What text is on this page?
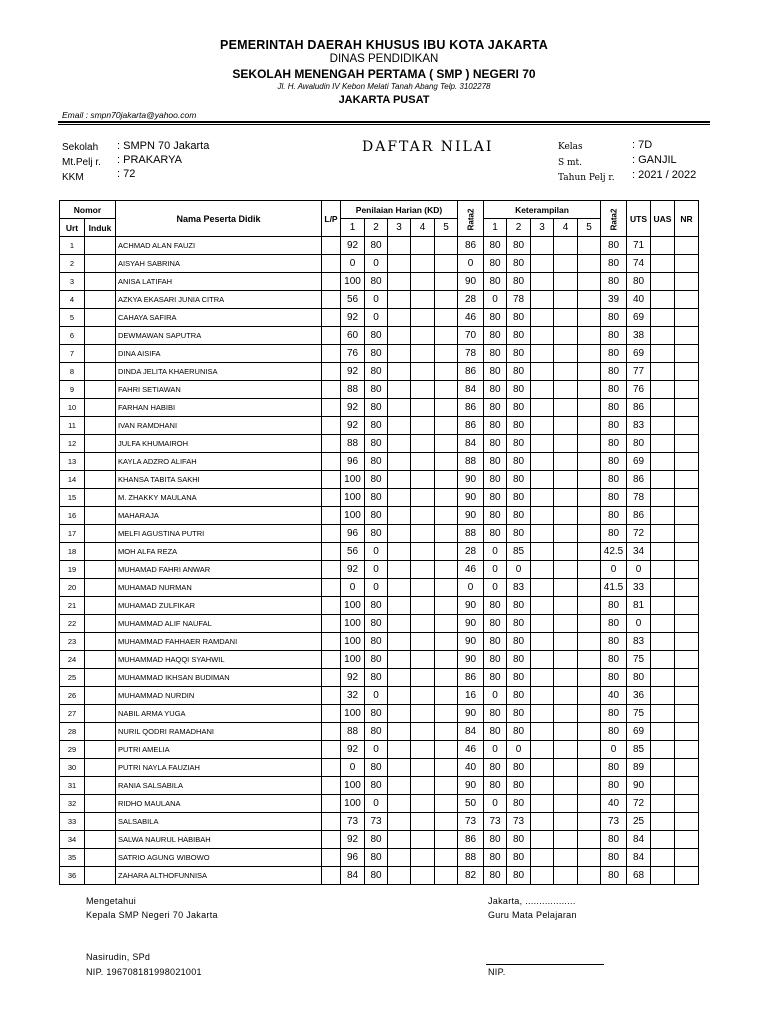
PEMERINTAH DAERAH KHUSUS IBU KOTA JAKARTA
DINAS PENDIDIKAN
SEKOLAH MENENGAH PERTAMA ( SMP ) NEGERI 70
Jl. H. Awaludin IV Kebon Melati Tanah Abang Telp. 3102278
JAKARTA PUSAT
Email : smpn70jakarta@yahoo.com
Sekolah : SMPN 70 Jakarta
Mt.Pelj r. : PRAKARYA
KKM	: 72
DAFTAR NILAI	Kelas	: 7D
S mt.	: GANJIL
Tahun Pelj r. : 2021 / 2022
Nomor		Nama Peserta Didik	L/P	Penilaian Harian (KD)					Rata2	Keterampilan					Rata2	UTS	UAS	NR
Urt	Induk			1	2	3	4	5		1	2	3	4	5				
1		ACHMAD ALAN FAUZI		92	80				86	80	80				80	71		
2		AISYAH SABRINA		0	0				0	80	80				80	74		
3		ANISA LATIFAH		100	80				90	80	80				80	80		
4		AZKYA EKASARI JUNIA CITRA		56	0				28	0	78				39	40		
5		CAHAYA SAFIRA		92	0				46	80	80				80	69		
6		DEWMAWAN SAPUTRA		60	80				70	80	80				80	38		
7		DINA AISIFA		76	80				78	80	80				80	69		
8		DINDA JELITA KHAERUNISA		92	80				86	80	80				80	77		
9		FAHRI SETIAWAN		88	80				84	80	80				80	76		
10		FARHAN HABIBI		92	80				86	80	80				80	86		
11		IVAN RAMDHANI		92	80				86	80	80				80	83		
12		JULFA KHUMAIROH		88	80				84	80	80				80	80		
13		KAYLA ADZRO ALIFAH		96	80				88	80	80				80	69		
14		KHANSA TABITA SAKHI		100	80				90	80	80				80	86		
15		M. ZHAKKY MAULANA		100	80				90	80	80				80	78		
16		MAHARAJA		100	80				90	80	80				80	86		
17		MELFI AGUSTINA PUTRI		96	80				88	80	80				80	72		
18		MOH ALFA REZA		56	0				28	0	85				42.5	34		
19		MUHAMAD FAHRI ANWAR		92	0				46	0	0				0	0		
20		MUHAMAD NURMAN		0	0				0	0	83				41.5	33		
21		MUHAMAD ZULFIKAR		100	80				90	80	80				80	81		
22		MUHAMMAD ALIF NAUFAL		100	80				90	80	80				80	0		
23		MUHAMMAD FAHHAER RAMDANI		100	80				90	80	80				80	83		
24		MUHAMMAD HAQQI SYAHWIL		100	80				90	80	80				80	75		
25		MUHAMMAD IKHSAN BUDIMAN		92	80				86	80	80				80	80		
26		MUHAMMAD NURDIN		32	0				16	0	80				40	36		
27		NABIL ARMA YUGA		100	80				90	80	80				80	75		
28		NURIL QODRI RAMADHANI		88	80				84	80	80				80	69		
29		PUTRI AMELIA		92	0				46	0	0				0	85		
30		PUTRI NAYLA FAUZIAH		0	80				40	80	80				80	89		
31		RANIA SALSABILA		100	80				90	80	80				80	90		
32		RIDHO MAULANA		100	0				50	0	80				40	72		
33		SALSABILA		73	73				73	73	73				73	25		
34		SALWA NAURUL HABIBAH		92	80				86	80	80				80	84		
35		SATRIO AGUNG WIBOWO		96	80				88	80	80				80	84		
36		ZAHARA ALTHOFUNNISA		84	80				82	80	80				80	68		
Mengetahui
Kepala SMP Negeri 70 Jakarta
Nasirudin, SPd
NIP. 196708181998021001
Jakarta, ..................
Guru Mata Pelajaran
NIP.
